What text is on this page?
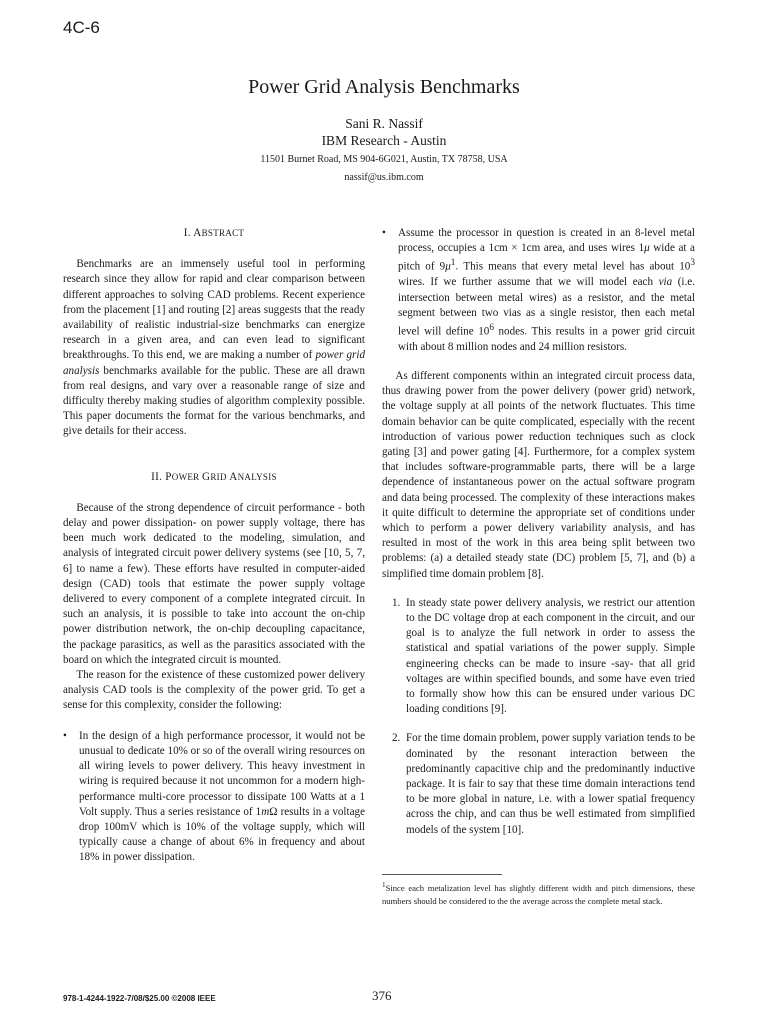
4C-6
Power Grid Analysis Benchmarks
Sani R. Nassif
IBM Research - Austin
11501 Burnet Road, MS 904-6G021, Austin, TX 78758, USA
nassif@us.ibm.com
I. ABSTRACT

Benchmarks are an immensely useful tool in performing research since they allow for rapid and clear comparison between different approaches to solving CAD problems. Recent experience from the placement [1] and routing [2] areas suggests that the ready availability of realistic industrial-size benchmarks can energize research in a given area, and can even lead to significant breakthroughs. To this end, we are making a number of power grid analysis benchmarks available for the public. These are all drawn from real designs, and vary over a reasonable range of size and difficulty thereby making studies of algorithm complexity possible. This paper documents the format for the various benchmarks, and give details for their access.

II. POWER GRID ANALYSIS

Because of the strong dependence of circuit performance - both delay and power dissipation- on power supply voltage, there has been much work dedicated to the modeling, simulation, and analysis of integrated circuit power delivery systems (see [10, 5, 7, 6] to name a few). These efforts have resulted in computer-aided design (CAD) tools that estimate the power supply voltage delivered to every component of a complete integrated circuit. In such an analysis, it is possible to take into account the on-chip power distribution network, the on-chip decoupling capacitance, the package parasitics, as well as the parasitics associated with the board on which the integrated circuit is mounted.

The reason for the existence of these customized power delivery analysis CAD tools is the complexity of the power grid. To get a sense for this complexity, consider the following:

• In the design of a high performance processor, it would not be unusual to dedicate 10% or so of the overall wiring resources on all wiring levels to power delivery. This heavy investment in wiring is required because it not uncommon for a modern high-performance multi-core processor to dissipate 100 Watts at a 1 Volt supply. Thus a series resistance of 1mΩ results in a voltage drop 100mV which is 10% of the voltage supply, which will typically cause a change of about 6% in frequency and about 18% in power dissipation.
• Assume the processor in question is created in an 8-level metal process, occupies a 1cm × 1cm area, and uses wires 1μ wide at a pitch of $9\mu^1$. This means that every metal level has about $10^3$ wires. If we further assume that we will model each via (i.e. intersection between metal wires) as a resistor, and the metal segment between two vias as a single resistor, then each metal level will define $10^6$ nodes. This results in a power grid circuit with about 8 million nodes and 24 million resistors.

As different components within an integrated circuit process data, thus drawing power from the power delivery (power grid) network, the voltage supply at all points of the network fluctuates. This time domain behavior can be quite complicated, especially with the recent introduction of various power reduction techniques such as clock gating [3] and power gating [4]. Furthermore, for a complex system that includes software-programmable parts, there will be a large dependence of instantaneous power on the actual software program and data being processed. The complexity of these interactions makes it quite difficult to determine the appropriate set of conditions under which to perform a power delivery variability analysis, and has resulted in most of the work in this area being split between two problems: (a) a detailed steady state (DC) problem [5, 7], and (b) a simplified time domain problem [8].

1. In steady state power delivery analysis, we restrict our attention to the DC voltage drop at each component in the circuit, and our goal is to analyze the full network in order to assess the statistical and spatial variations of the power supply. Simple engineering checks can be made to insure -say- that all grid voltages are within specified bounds, and some have even tried to formally show how this can be ensured under various DC loading conditions [9].
2. For the time domain problem, power supply variation tends to be dominated by the resonant interaction between the predominantly capacitive chip and the predominantly inductive package. It is fair to say that these time domain interactions tend to be more global in nature, i.e. with a lower spatial frequency across the chip, and can thus be well estimated from simplified models of the system [10].
$^1$Since each metalization level has slightly different width and pitch dimensions, these numbers should be considered to the the average across the complete metal stack.
978-1-4244-1922-7/08/$25.00 ©2008 IEEE	376
